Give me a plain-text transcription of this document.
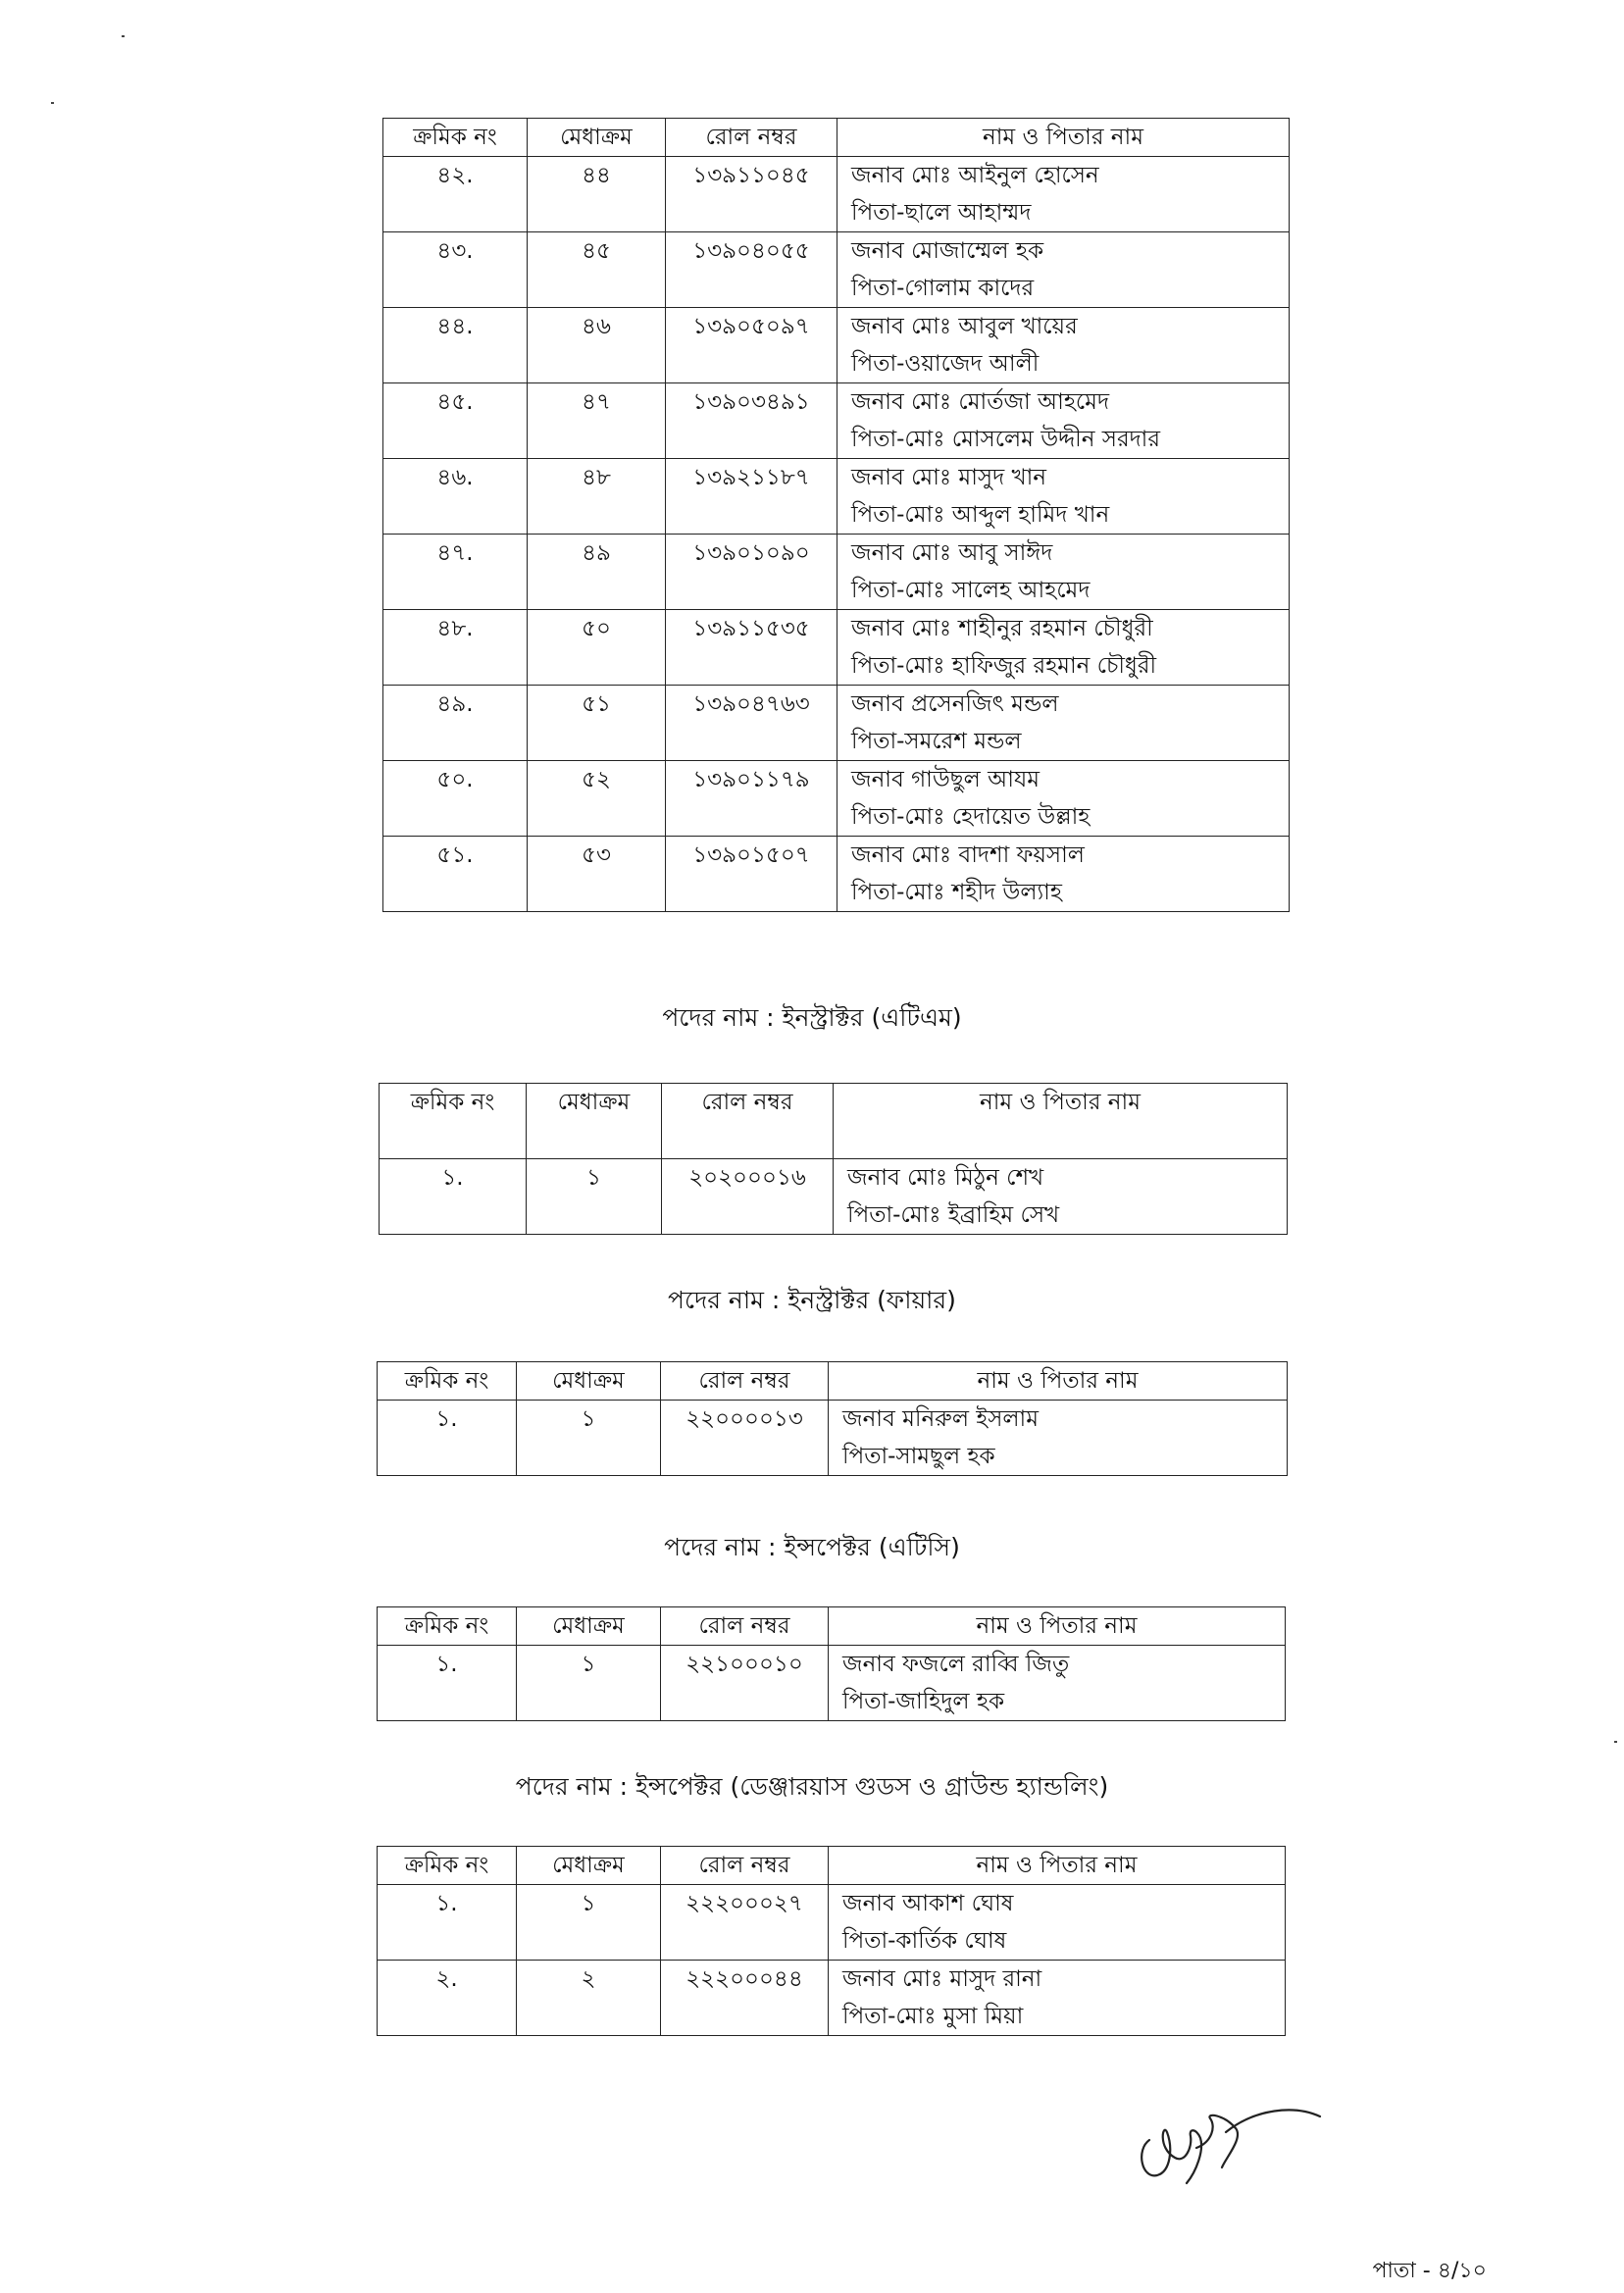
ক্রমিক নং	মেধাক্রম	রোল নম্বর	নাম ও পিতার নাম
৪২.	৪৪	১৩৯১১০৪৫	জনাব মোঃ আইনুল হোসেন
পিতা-ছালে আহাম্মদ

৪৩.	৪৫	১৩৯০৪০৫৫	জনাব মোজাম্মেল হক
পিতা-গোলাম কাদের

৪৪.	৪৬	১৩৯০৫০৯৭	জনাব মোঃ আবুল খায়ের
পিতা-ওয়াজেদ আলী

৪৫.	৪৭	১৩৯০৩৪৯১	জনাব মোঃ মোর্তজা আহমেদ
পিতা-মোঃ মোসলেম উদ্দীন সরদার

৪৬.	৪৮	১৩৯২১১৮৭	জনাব মোঃ মাসুদ খান
পিতা-মোঃ আব্দুল হামিদ খান

৪৭.	৪৯	১৩৯০১০৯০	জনাব মোঃ আবু সাঈদ
পিতা-মোঃ সালেহ আহমেদ

৪৮.	৫০	১৩৯১১৫৩৫	জনাব মোঃ শাহীনুর রহমান চৌধুরী
পিতা-মোঃ হাফিজুর রহমান চৌধুরী

৪৯.	৫১	১৩৯০৪৭৬৩	জনাব প্রসেনজিৎ মন্ডল
পিতা-সমরেশ মন্ডল

৫০.	৫২	১৩৯০১১৭৯	জনাব গাউছুল আযম
পিতা-মোঃ হেদায়েত উল্লাহ

৫১.	৫৩	১৩৯০১৫০৭	জনাব মোঃ বাদশা ফয়সাল
পিতা-মোঃ শহীদ উল্যাহ
পদের নাম : ইনস্ট্রাক্টর (এটিএম)
ক্রমিক নং	মেধাক্রম	রোল নম্বর	নাম ও পিতার নাম
১.	১	২০২০০০১৬	জনাব মোঃ মিঠুন শেখ
পিতা-মোঃ ইব্রাহিম সেখ
পদের নাম : ইনস্ট্রাক্টর (ফায়ার)
ক্রমিক নং	মেধাক্রম	রোল নম্বর	নাম ও পিতার নাম
১.	১	২২০০০০১৩	জনাব মনিরুল ইসলাম
পিতা-সামছুল হক
পদের নাম : ইন্সপেক্টর (এটিসি)
ক্রমিক নং	মেধাক্রম	রোল নম্বর	নাম ও পিতার নাম
১.	১	২২১০০০১০	জনাব ফজলে রাব্বি জিতু
পিতা-জাহিদুল হক
পদের নাম : ইন্সপেক্টর (ডেঞ্জারয়াস গুডস ও গ্রাউন্ড হ্যান্ডলিং)
ক্রমিক নং	মেধাক্রম	রোল নম্বর	নাম ও পিতার নাম
১.	১	২২২০০০২৭	জনাব আকাশ ঘোষ
পিতা-কার্তিক ঘোষ

২.	২	২২২০০০৪৪	জনাব মোঃ মাসুদ রানা
পিতা-মোঃ মুসা মিয়া
পাতা - ৪/১০
